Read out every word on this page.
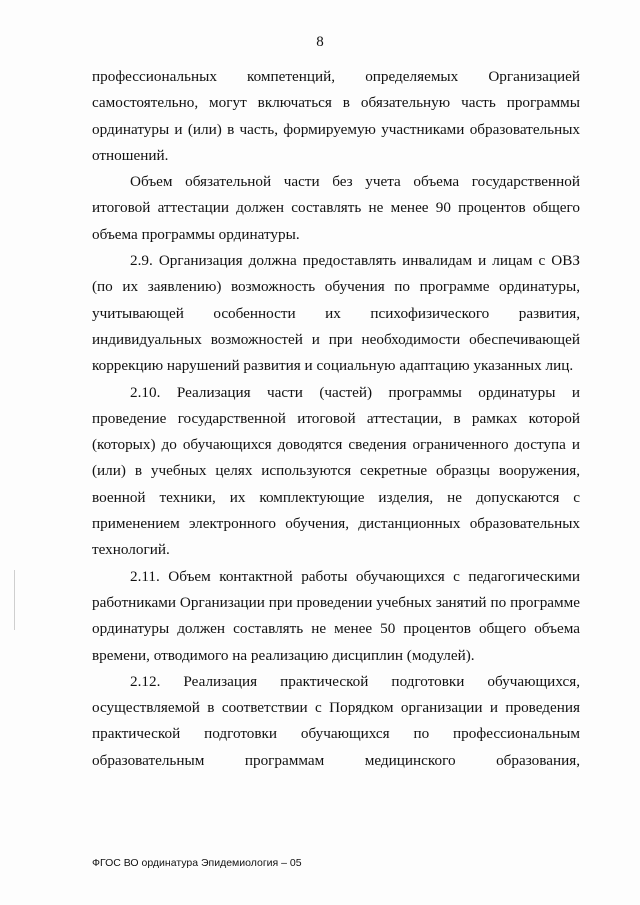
8

профессиональных компетенций, определяемых Организацией самостоятельно, могут включаться в обязательную часть программы ординатуры и (или) в часть, формируемую участниками образовательных отношений.

Объем обязательной части без учета объема государственной итоговой аттестации должен составлять не менее 90 процентов общего объема программы ординатуры.

2.9. Организация должна предоставлять инвалидам и лицам с ОВЗ (по их заявлению) возможность обучения по программе ординатуры, учитывающей особенности их психофизического развития, индивидуальных возможностей и при необходимости обеспечивающей коррекцию нарушений развития и социальную адаптацию указанных лиц.

2.10. Реализация части (частей) программы ординатуры и проведение государственной итоговой аттестации, в рамках которой (которых) до обучающихся доводятся сведения ограниченного доступа и (или) в учебных целях используются секретные образцы вооружения, военной техники, их комплектующие изделия, не допускаются с применением электронного обучения, дистанционных образовательных технологий.

2.11. Объем контактной работы обучающихся с педагогическими работниками Организации при проведении учебных занятий по программе ординатуры должен составлять не менее 50 процентов общего объема времени, отводимого на реализацию дисциплин (модулей).

2.12. Реализация практической подготовки обучающихся, осуществляемой в соответствии с Порядком организации и проведения практической подготовки обучающихся по профессиональным образовательным программам медицинского образования,

ФГОС ВО ординатура Эпидемиология – 05
